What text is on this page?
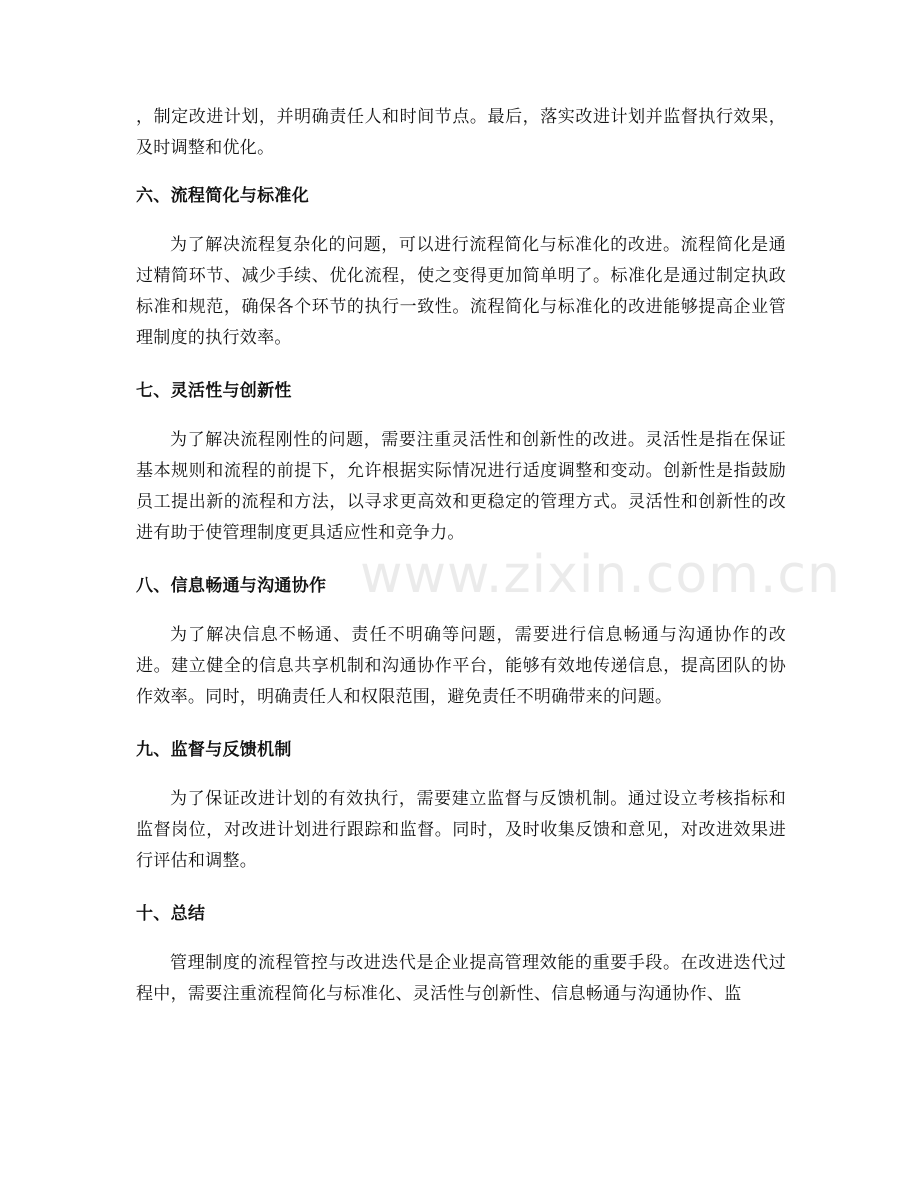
，制定改进计划，并明确责任人和时间节点。最后，落实改进计划并监督执行效果，及时调整和优化。

六、流程简化与标准化

为了解决流程复杂化的问题，可以进行流程简化与标准化的改进。流程简化是通过精简环节、减少手续、优化流程，使之变得更加简单明了。标准化是通过制定执政标准和规范，确保各个环节的执行一致性。流程简化与标准化的改进能够提高企业管理制度的执行效率。

七、灵活性与创新性

为了解决流程刚性的问题，需要注重灵活性和创新性的改进。灵活性是指在保证基本规则和流程的前提下，允许根据实际情况进行适度调整和变动。创新性是指鼓励员工提出新的流程和方法，以寻求更高效和更稳定的管理方式。灵活性和创新性的改进有助于使管理制度更具适应性和竞争力。

八、信息畅通与沟通协作

为了解决信息不畅通、责任不明确等问题，需要进行信息畅通与沟通协作的改进。建立健全的信息共享机制和沟通协作平台，能够有效地传递信息，提高团队的协作效率。同时，明确责任人和权限范围，避免责任不明确带来的问题。

九、监督与反馈机制

为了保证改进计划的有效执行，需要建立监督与反馈机制。通过设立考核指标和监督岗位，对改进计划进行跟踪和监督。同时，及时收集反馈和意见，对改进效果进行评估和调整。

十、总结

管理制度的流程管控与改进迭代是企业提高管理效能的重要手段。在改进迭代过程中，需要注重流程简化与标准化、灵活性与创新性、信息畅通与沟通协作、监

www.zixin.com.cn
